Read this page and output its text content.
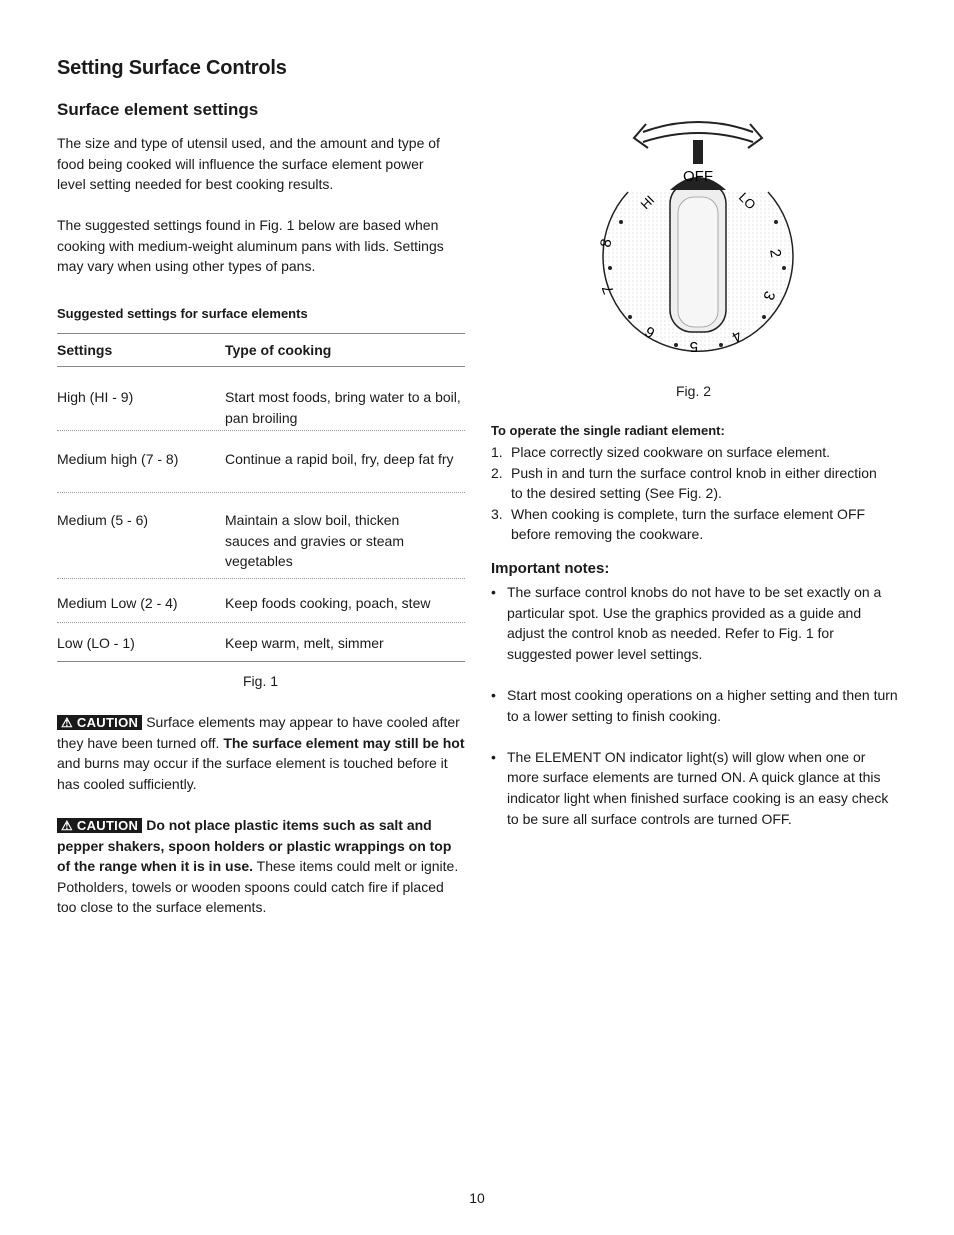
Setting Surface Controls
Surface element settings

The size and type of utensil used, and the amount and type of food being cooked will influence the surface element power level setting needed for best cooking results.

The suggested settings found in Fig. 1 below are based when cooking with medium-weight aluminum pans with lids. Settings may vary when using other types of pans.

Suggested settings for surface elements
Settings	Type of cooking
High (HI - 9)	Start most foods, bring water to a boil, pan broiling
Medium high (7 - 8)	Continue a rapid boil, fry, deep fat fry
Medium (5 - 6)	Maintain a slow boil, thicken sauces and gravies or steam vegetables
Medium Low (2 - 4)	Keep foods cooking, poach, stew
Low (LO - 1)	Keep warm, melt, simmer
Fig. 1

⚠ CAUTION Surface elements may appear to have cooled after they have been turned off. The surface element may still be hot and burns may occur if the surface element is touched before it has cooled sufficiently.

⚠ CAUTION Do not place plastic items such as salt and pepper shakers, spoon holders or plastic wrappings on top of the range when it is in use. These items could melt or ignite. Potholders, towels or wooden spoons could catch fire if placed too close to the surface elements.

OFF
HI	LO
2
3
4
5
6
7
8
Fig. 2
To operate the single radiant element:
1. Place correctly sized cookware on surface element.
2. Push in and turn the surface control knob in either direction to the desired setting (See Fig. 2).
3. When cooking is complete, turn the surface element OFF before removing the cookware.
Important notes:
• The surface control knobs do not have to be set exactly on a particular spot. Use the graphics provided as a guide and adjust the control knob as needed. Refer to Fig. 1 for suggested power level settings.
• Start most cooking operations on a higher setting and then turn to a lower setting to finish cooking.
• The ELEMENT ON indicator light(s) will glow when one or more surface elements are turned ON. A quick glance at this indicator light when finished surface cooking is an easy check to be sure all surface controls are turned OFF.
10
